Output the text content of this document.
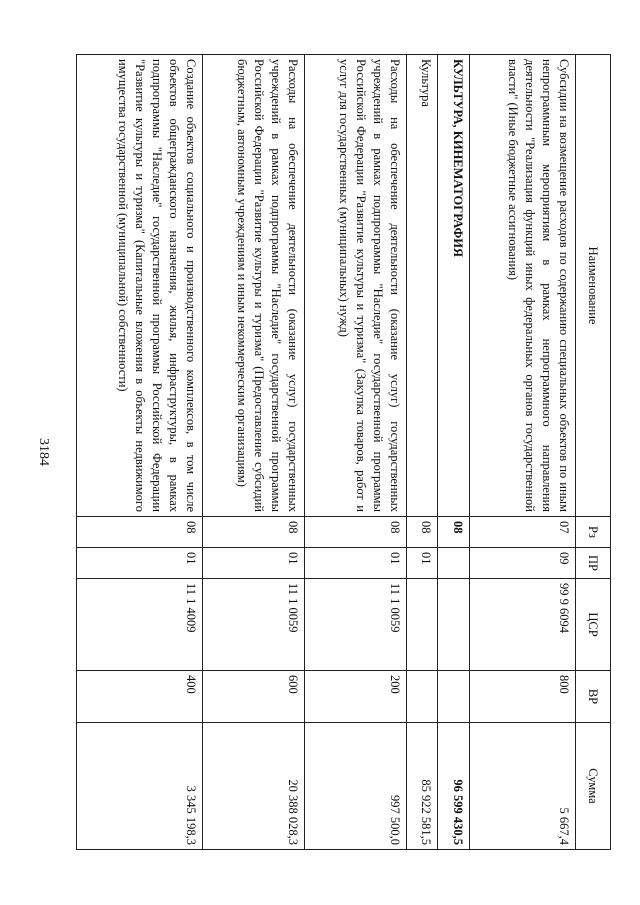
3184
Наименование	Рз	ПР	ЦСР	ВР	Сумма
Субсидии на возмещение расходов по содержанию специальных объектов по иным непрограммным мероприятиям в рамках непрограммного направления деятельности "Реализация функций иных федеральных органов государственной власти" (Иные бюджетные ассигнования)	07	09	99 9 6094	800	5 667,4
КУЛЬТУРА, КИНЕМАТОГРАФИЯ	08				96 599 430,5
Культура	08	01			85 922 581,5
Расходы на обеспечение деятельности (оказание услуг) государственных учреждений в рамках подпрограммы "Наследие" государственной программы Российской Федерации "Развитие культуры и туризма" (Закупка товаров, работ и услуг для государственных (муниципальных) нужд)	08	01	11 1 0059	200	997 500,0
Расходы на обеспечение деятельности (оказание услуг) государственных учреждений в рамках подпрограммы "Наследие" государственной программы Российской Федерации "Развитие культуры и туризма" (Предоставление субсидий бюджетным, автономным учреждениям и иным некоммерческим организациям)	08	01	11 1 0059	600	20 388 028,3
Создание объектов социального и производственного комплексов, в том числе объектов общегражданского назначения, жилья, инфраструктуры, в рамках подпрограммы "Наследие" государственной программы Российской Федерации "Развитие культуры и туризма" (Капитальные вложения в объекты недвижимого имущества государственной (муниципальной) собственности)	08	01	11 1 4009	400	3 345 198,3
